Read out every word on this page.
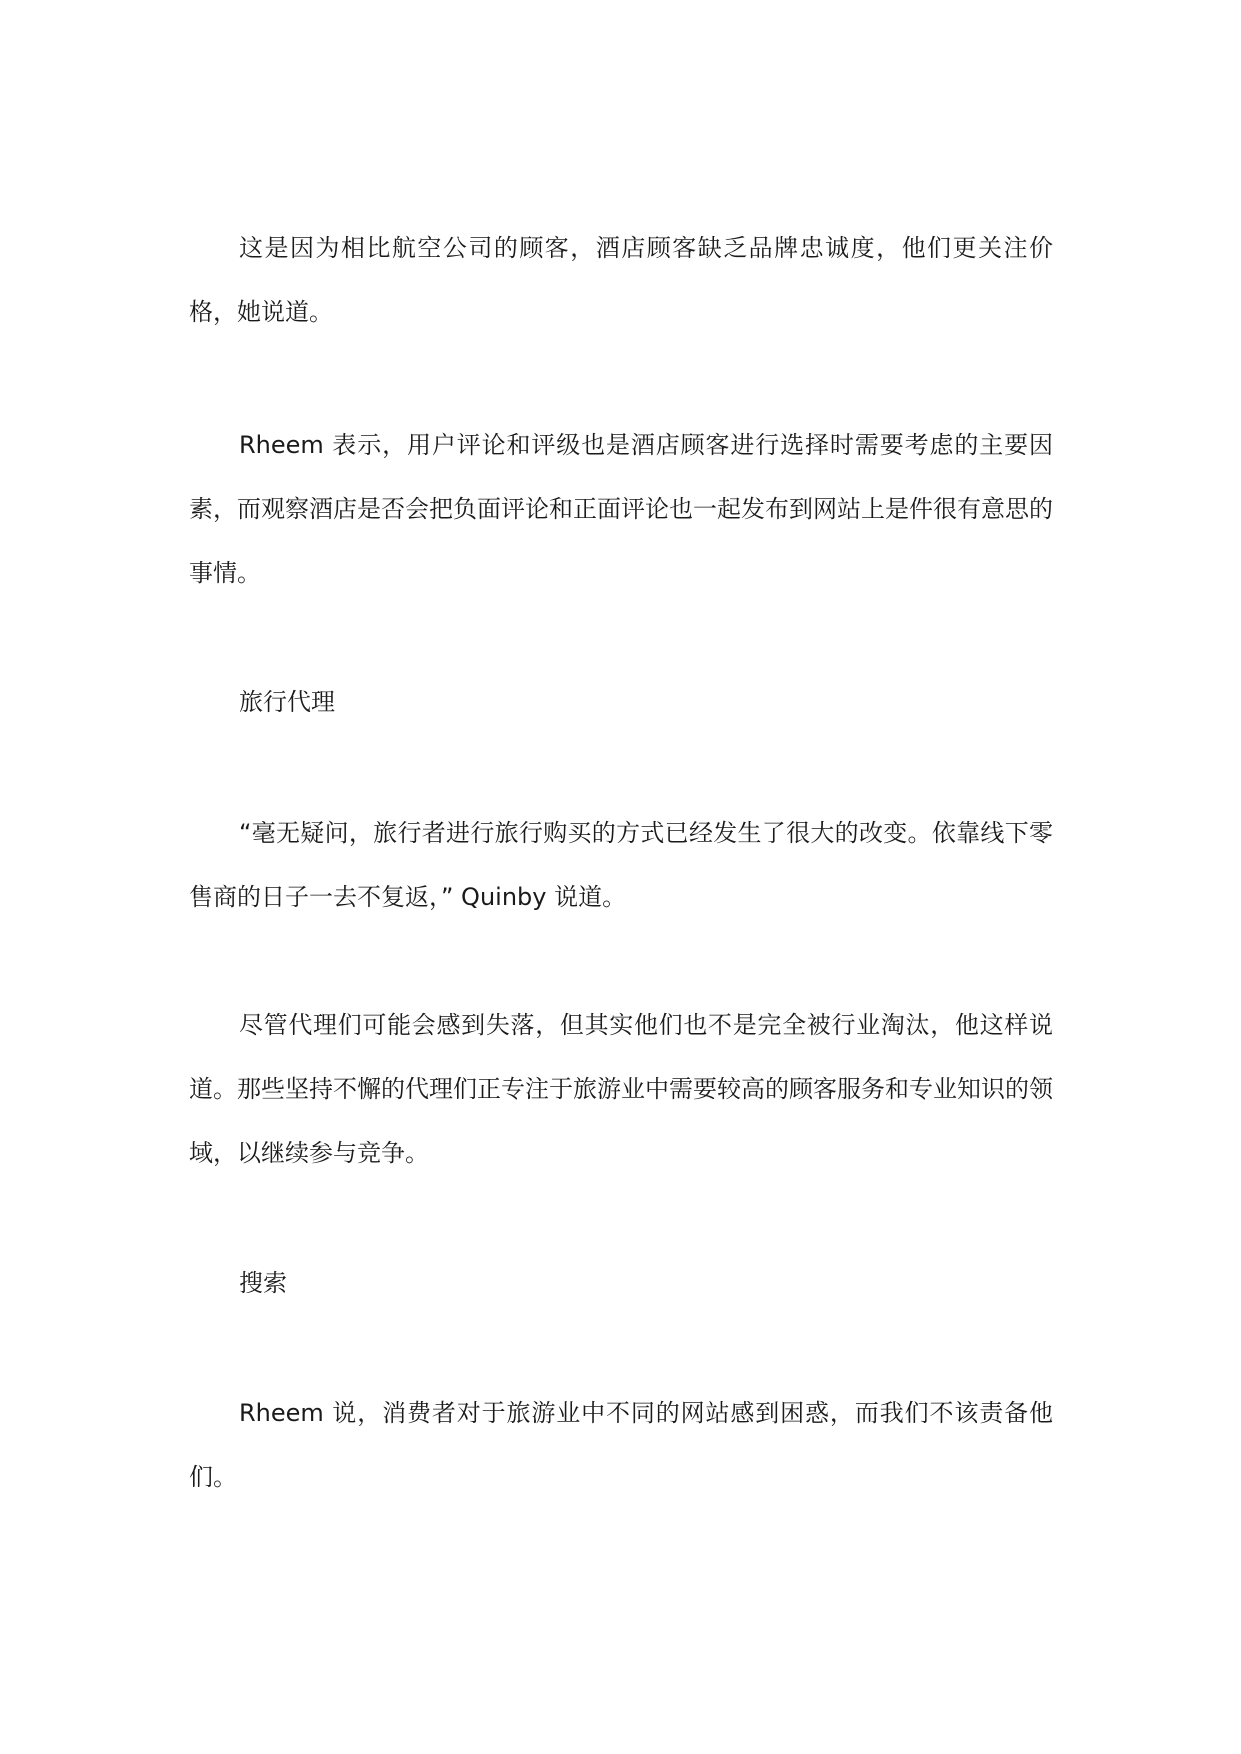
这是因为相比航空公司的顾客，酒店顾客缺乏品牌忠诚度，他们更关注价格，她说道。

Rheem 表示，用户评论和评级也是酒店顾客进行选择时需要考虑的主要因素，而观察酒店是否会把负面评论和正面评论也一起发布到网站上是件很有意思的事情。

旅行代理

“毫无疑问，旅行者进行旅行购买的方式已经发生了很大的改变。依靠线下零售商的日子一去不复返，” Quinby 说道。

尽管代理们可能会感到失落，但其实他们也不是完全被行业淘汰，他这样说道。那些坚持不懈的代理们正专注于旅游业中需要较高的顾客服务和专业知识的领域，以继续参与竞争。

搜索

Rheem 说，消费者对于旅游业中不同的网站感到困惑，而我们不该责备他们。
